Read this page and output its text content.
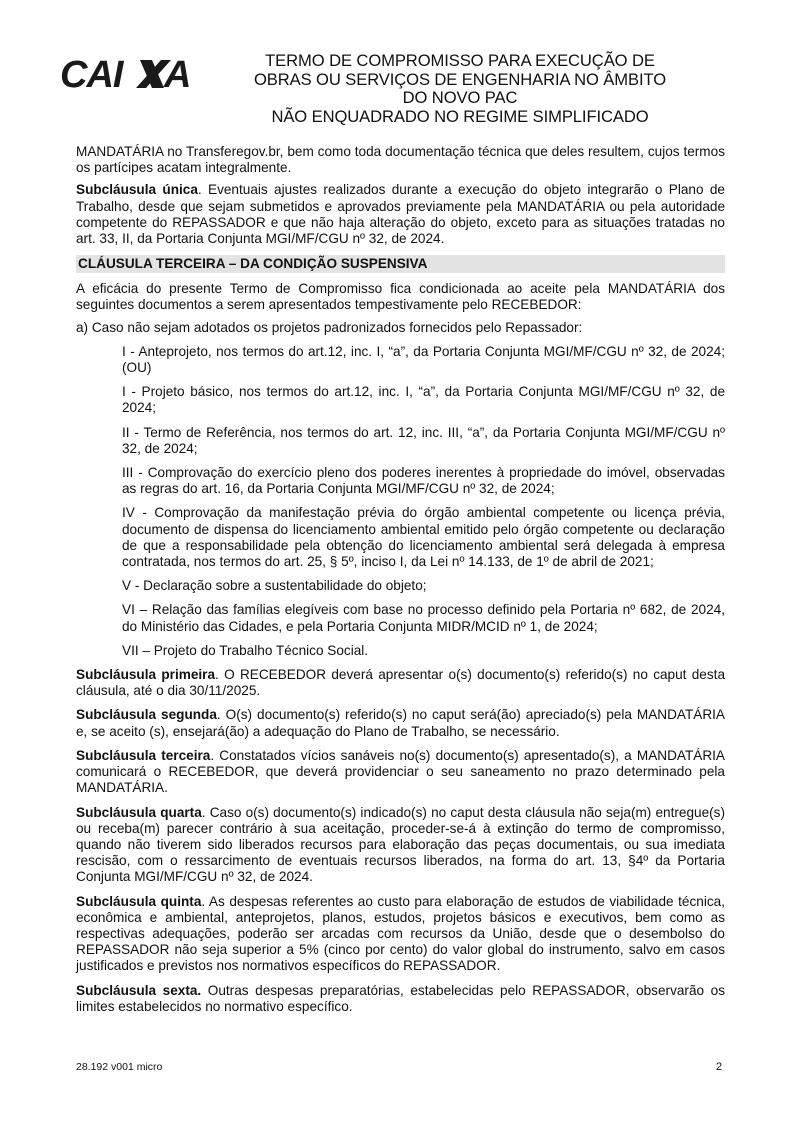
CAI A	TERMO DE COMPROMISSO PARA EXECUÇÃO DE
OBRAS OU SERVIÇOS DE ENGENHARIA NO ÂMBITO
DO NOVO PAC
NÃO ENQUADRADO NO REGIME SIMPLIFICADO

MANDATÁRIA no Transferegov.br, bem como toda documentação técnica que deles resultem, cujos termos os partícipes acatam integralmente.

Subcláusula única. Eventuais ajustes realizados durante a execução do objeto integrarão o Plano de Trabalho, desde que sejam submetidos e aprovados previamente pela MANDATÁRIA ou pela autoridade competente do REPASSADOR e que não haja alteração do objeto, exceto para as situações tratadas no art. 33, II, da Portaria Conjunta MGI/MF/CGU nº 32, de 2024.

CLÁUSULA TERCEIRA – DA CONDIÇÃO SUSPENSIVA

A eficácia do presente Termo de Compromisso fica condicionada ao aceite pela MANDATÁRIA dos seguintes documentos a serem apresentados tempestivamente pelo RECEBEDOR:

a) Caso não sejam adotados os projetos padronizados fornecidos pelo Repassador:

I - Anteprojeto, nos termos do art.12, inc. I, “a”, da Portaria Conjunta MGI/MF/CGU nº 32, de 2024; (OU)

I - Projeto básico, nos termos do art.12, inc. I, “a”, da Portaria Conjunta MGI/MF/CGU nº 32, de 2024;

II - Termo de Referência, nos termos do art. 12, inc. III, “a”, da Portaria Conjunta MGI/MF/CGU nº 32, de 2024;

III - Comprovação do exercício pleno dos poderes inerentes à propriedade do imóvel, observadas as regras do art. 16, da Portaria Conjunta MGI/MF/CGU nº 32, de 2024;

IV - Comprovação da manifestação prévia do órgão ambiental competente ou licença prévia, documento de dispensa do licenciamento ambiental emitido pelo órgão competente ou declaração de que a responsabilidade pela obtenção do licenciamento ambiental será delegada à empresa contratada, nos termos do art. 25, § 5º, inciso I, da Lei nº 14.133, de 1º de abril de 2021;

V - Declaração sobre a sustentabilidade do objeto;

VI – Relação das famílias elegíveis com base no processo definido pela Portaria nº 682, de 2024, do Ministério das Cidades, e pela Portaria Conjunta MIDR/MCID nº 1, de 2024;

VII – Projeto do Trabalho Técnico Social.

Subcláusula primeira. O RECEBEDOR deverá apresentar o(s) documento(s) referido(s) no caput desta cláusula, até o dia 30/11/2025.

Subcláusula segunda. O(s) documento(s) referido(s) no caput será(ão) apreciado(s) pela MANDATÁRIA e, se aceito (s), ensejará(ão) a adequação do Plano de Trabalho, se necessário.

Subcláusula terceira. Constatados vícios sanáveis no(s) documento(s) apresentado(s), a MANDATÁRIA comunicará o RECEBEDOR, que deverá providenciar o seu saneamento no prazo determinado pela MANDATÁRIA.

Subcláusula quarta. Caso o(s) documento(s) indicado(s) no caput desta cláusula não seja(m) entregue(s) ou receba(m) parecer contrário à sua aceitação, proceder-se-á à extinção do termo de compromisso, quando não tiverem sido liberados recursos para elaboração das peças documentais, ou sua imediata rescisão, com o ressarcimento de eventuais recursos liberados, na forma do art. 13, §4º da Portaria Conjunta MGI/MF/CGU nº 32, de 2024.

Subcláusula quinta. As despesas referentes ao custo para elaboração de estudos de viabilidade técnica, econômica e ambiental, anteprojetos, planos, estudos, projetos básicos e executivos, bem como as respectivas adequações, poderão ser arcadas com recursos da União, desde que o desembolso do REPASSADOR não seja superior a 5% (cinco por cento) do valor global do instrumento, salvo em casos justificados e previstos nos normativos específicos do REPASSADOR.

Subcláusula sexta. Outras despesas preparatórias, estabelecidas pelo REPASSADOR, observarão os limites estabelecidos no normativo específico.

28.192 v001 micro	2
